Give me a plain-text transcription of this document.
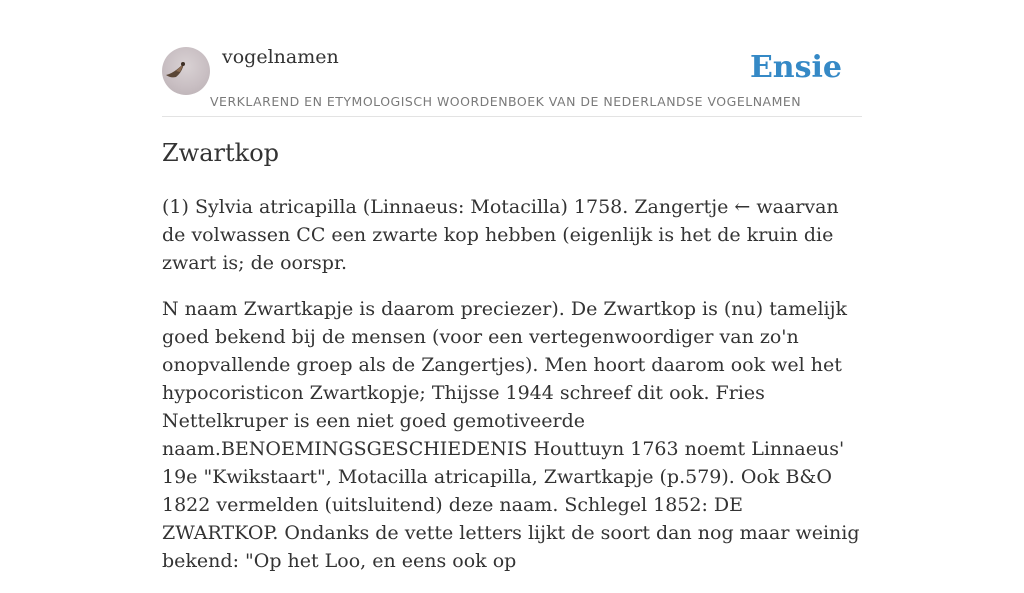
vogelnamen
VERKLAREND EN ETYMOLOGISCH WOORDENBOEK VAN DE NEDERLANDSE VOGELNAMEN
Ensie
Zwartkop

(1) Sylvia atricapilla (Linnaeus: Motacilla) 1758. Zangertje ← waarvan de volwassen CC een zwarte kop hebben (eigenlijk is het de kruin die zwart is; de oorspr.

N naam Zwartkapje is daarom preciezer). De Zwartkop is (nu) tamelijk goed bekend bij de mensen (voor een vertegenwoordiger van zo'n onopvallende groep als de Zangertjes). Men hoort daarom ook wel het hypocoristicon Zwartkopje; Thijsse 1944 schreef dit ook. Fries Nettelkruper is een niet goed gemotiveerde naam.BENOEMINGSGESCHIEDENIS Houttuyn 1763 noemt Linnaeus' 19e "Kwikstaart", Motacilla atricapilla, Zwartkapje (p.579). Ook B&O 1822 vermelden (uitsluitend) deze naam. Schlegel 1852: DE ZWARTKOP. Ondanks de vette letters lijkt de soort dan nog maar weinig bekend: "Op het Loo, en eens ook op
